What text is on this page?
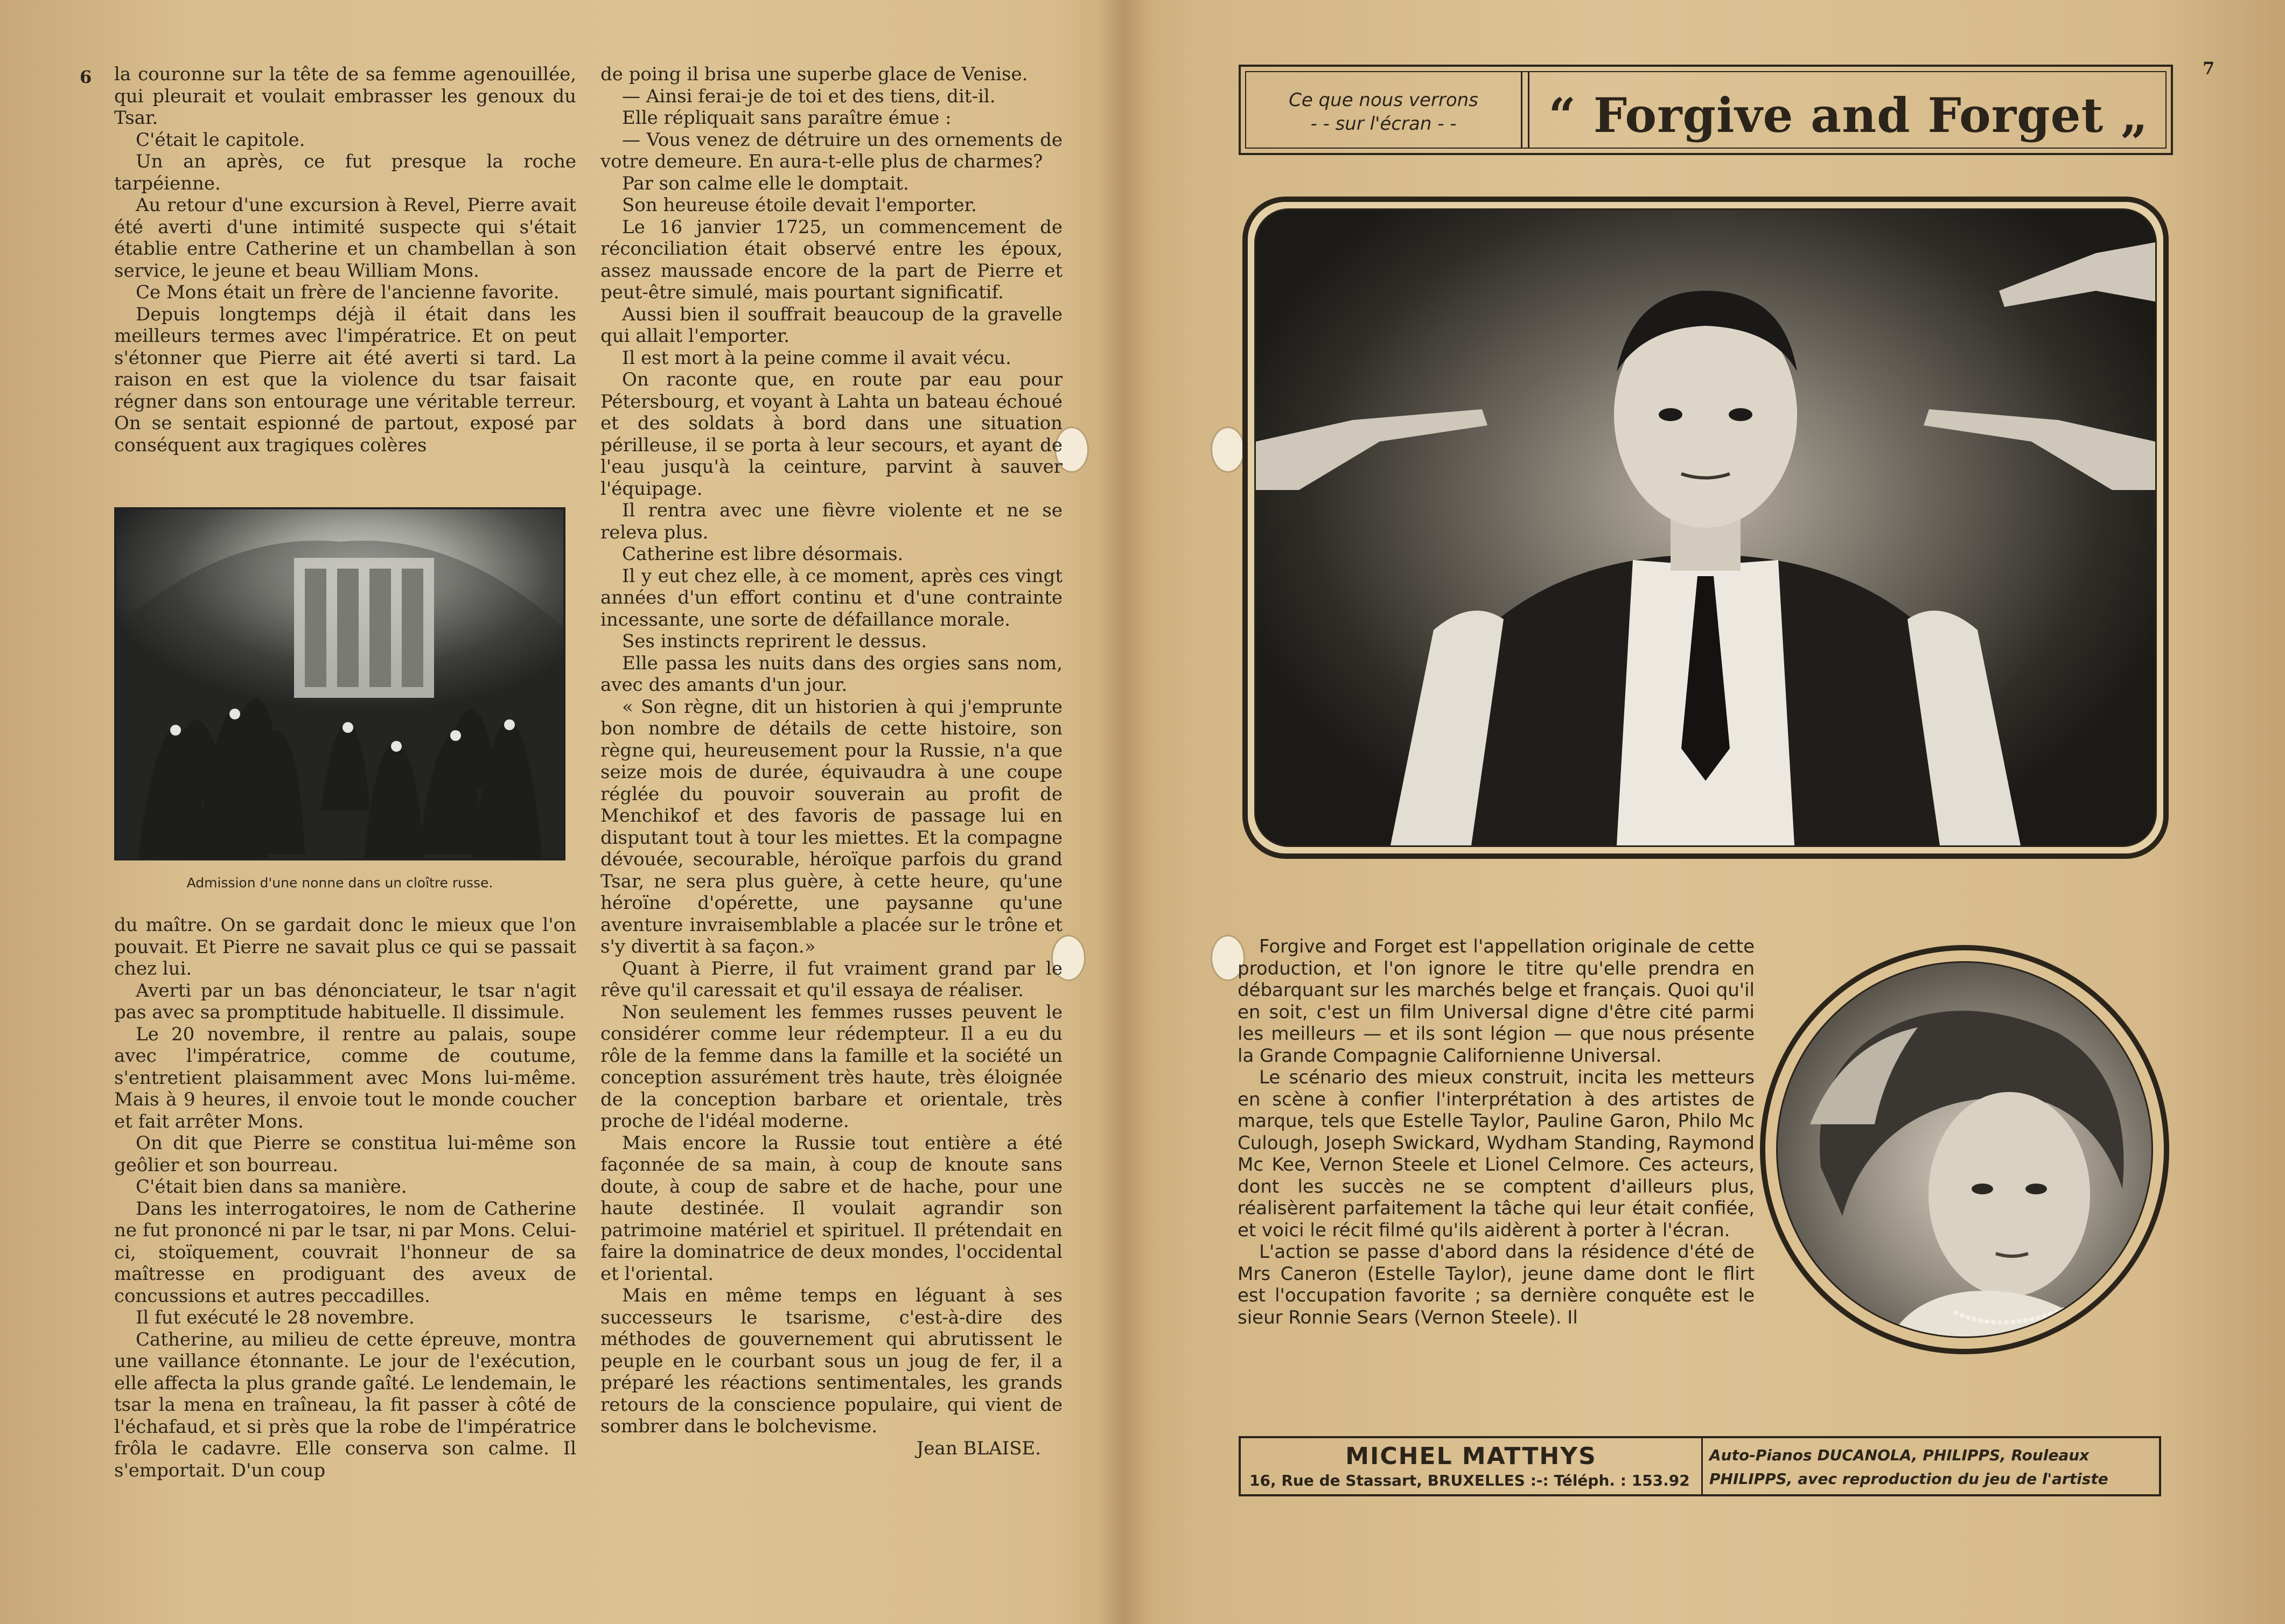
6 la couronne sur la tête de sa femme agenouillée, qui pleurait et voulait embrasser les genoux du Tsar.

C'était le capitole.

Un an après, ce fut presque la roche tarpéienne.

Au retour d'une excursion à Revel, Pierre avait été averti d'une intimité suspecte qui s'était établie entre Catherine et un chambellan à son service, le jeune et beau William Mons.

Ce Mons était un frère de l'ancienne favorite.

Depuis longtemps déjà il était dans les meilleurs termes avec l'impératrice. Et on peut s'étonner que Pierre ait été averti si tard. La raison en est que la violence du tsar faisait régner dans son entourage une véritable terreur. On se sentait espionné de partout, exposé par conséquent aux tragiques colères

Admission d'une nonne dans un cloître russe.

du maître. On se gardait donc le mieux que l'on pouvait. Et Pierre ne savait plus ce qui se passait chez lui.

Averti par un bas dénonciateur, le tsar n'agit pas avec sa promptitude habituelle. Il dissimule.

Le 20 novembre, il rentre au palais, soupe avec l'impératrice, comme de coutume, s'entretient plaisamment avec Mons lui-même. Mais à 9 heures, il envoie tout le monde coucher et fait arrêter Mons.

On dit que Pierre se constitua lui-même son geôlier et son bourreau.

C'était bien dans sa manière.

Dans les interrogatoires, le nom de Catherine ne fut prononcé ni par le tsar, ni par Mons. Celui-ci, stoïquement, couvrait l'honneur de sa maîtresse en prodiguant des aveux de concussions et autres peccadilles.

Il fut exécuté le 28 novembre.

Catherine, au milieu de cette épreuve, montra une vaillance étonnante. Le jour de l'exécution, elle affecta la plus grande gaîté. Le lendemain, le tsar la mena en traîneau, la fit passer à côté de l'échafaud, et si près que la robe de l'impératrice frôla le cadavre. Elle conserva son calme. Il s'emportait. D'un coup

de poing il brisa une superbe glace de Venise.

— Ainsi ferai-je de toi et des tiens, dit-il.

Elle répliquait sans paraître émue :

— Vous venez de détruire un des ornements de votre demeure. En aura-t-elle plus de charmes?

Par son calme elle le domptait.

Son heureuse étoile devait l'emporter.

Le 16 janvier 1725, un commencement de réconciliation était observé entre les époux, assez maussade encore de la part de Pierre et peut-être simulé, mais pourtant significatif.

Aussi bien il souffrait beaucoup de la gravelle qui allait l'emporter.

Il est mort à la peine comme il avait vécu.

On raconte que, en route par eau pour Pétersbourg, et voyant à Lahta un bateau échoué et des soldats à bord dans une situation périlleuse, il se porta à leur secours, et ayant de l'eau jusqu'à la ceinture, parvint à sauver l'équipage.

Il rentra avec une fièvre violente et ne se releva plus.

Catherine est libre désormais.

Il y eut chez elle, à ce moment, après ces vingt années d'un effort continu et d'une contrainte incessante, une sorte de défaillance morale.

Ses instincts reprirent le dessus.

Elle passa les nuits dans des orgies sans nom, avec des amants d'un jour.

« Son règne, dit un historien à qui j'emprunte bon nombre de détails de cette histoire, son règne qui, heureusement pour la Russie, n'a que seize mois de durée, équivaudra à une coupe réglée du pouvoir souverain au profit de Menchikof et des favoris de passage lui en disputant tout à tour les miettes. Et la compagne dévouée, secourable, héroïque parfois du grand Tsar, ne sera plus guère, à cette heure, qu'une héroïne d'opérette, une paysanne qu'une aventure invraisemblable a placée sur le trône et s'y divertit à sa façon.»

Quant à Pierre, il fut vraiment grand par le rêve qu'il caressait et qu'il essaya de réaliser.

Non seulement les femmes russes peuvent le considérer comme leur rédempteur. Il a eu du rôle de la femme dans la famille et la société un conception assurément très haute, très éloignée de la conception barbare et orientale, très proche de l'idéal moderne.

Mais encore la Russie tout entière a été façonnée de sa main, à coup de knoute sans doute, à coup de sabre et de hache, pour une haute destinée. Il voulait agrandir son patrimoine matériel et spirituel. Il prétendait en faire la dominatrice de deux mondes, l'occidental et l'oriental.

Mais en même temps en léguant à ses successeurs le tsarisme, c'est-à-dire des méthodes de gouvernement qui abrutissent le peuple en le courbant sous un joug de fer, il a préparé les réactions sentimentales, les grands retours de la conscience populaire, qui vient de sombrer dans le bolchevisme.

Jean BLAISE.

7
Ce que nous verrons
- - sur l'écran - -	“ Forgive and Forget „

Forgive and Forget est l'appellation originale de cette production, et l'on ignore le titre qu'elle prendra en débarquant sur les marchés belge et français. Quoi qu'il en soit, c'est un film Universal digne d'être cité parmi les meilleurs — et ils sont légion — que nous présente la Grande Compagnie Californienne Universal.

Le scénario des mieux construit, incita les metteurs en scène à confier l'interprétation à des artistes de marque, tels que Estelle Taylor, Pauline Garon, Philo Mc Culough, Joseph Swickard, Wydham Standing, Raymond Mc Kee, Vernon Steele et Lionel Celmore. Ces acteurs, dont les succès ne se comptent d'ailleurs plus, réalisèrent parfaitement la tâche qui leur était confiée, et voici le récit filmé qu'ils aidèrent à porter à l'écran.

L'action se passe d'abord dans la résidence d'été de Mrs Caneron (Estelle Taylor), jeune dame dont le flirt est l'occupation favorite ; sa dernière conquête est le sieur Ronnie Sears (Vernon Steele). Il

MICHEL MATTHYS
16, Rue de Stassart, BRUXELLES :-: Téléph. : 153.92
Auto-Pianos DUCANOLA, PHILIPPS, Rouleaux
PHILIPPS, avec reproduction du jeu de l'artiste
